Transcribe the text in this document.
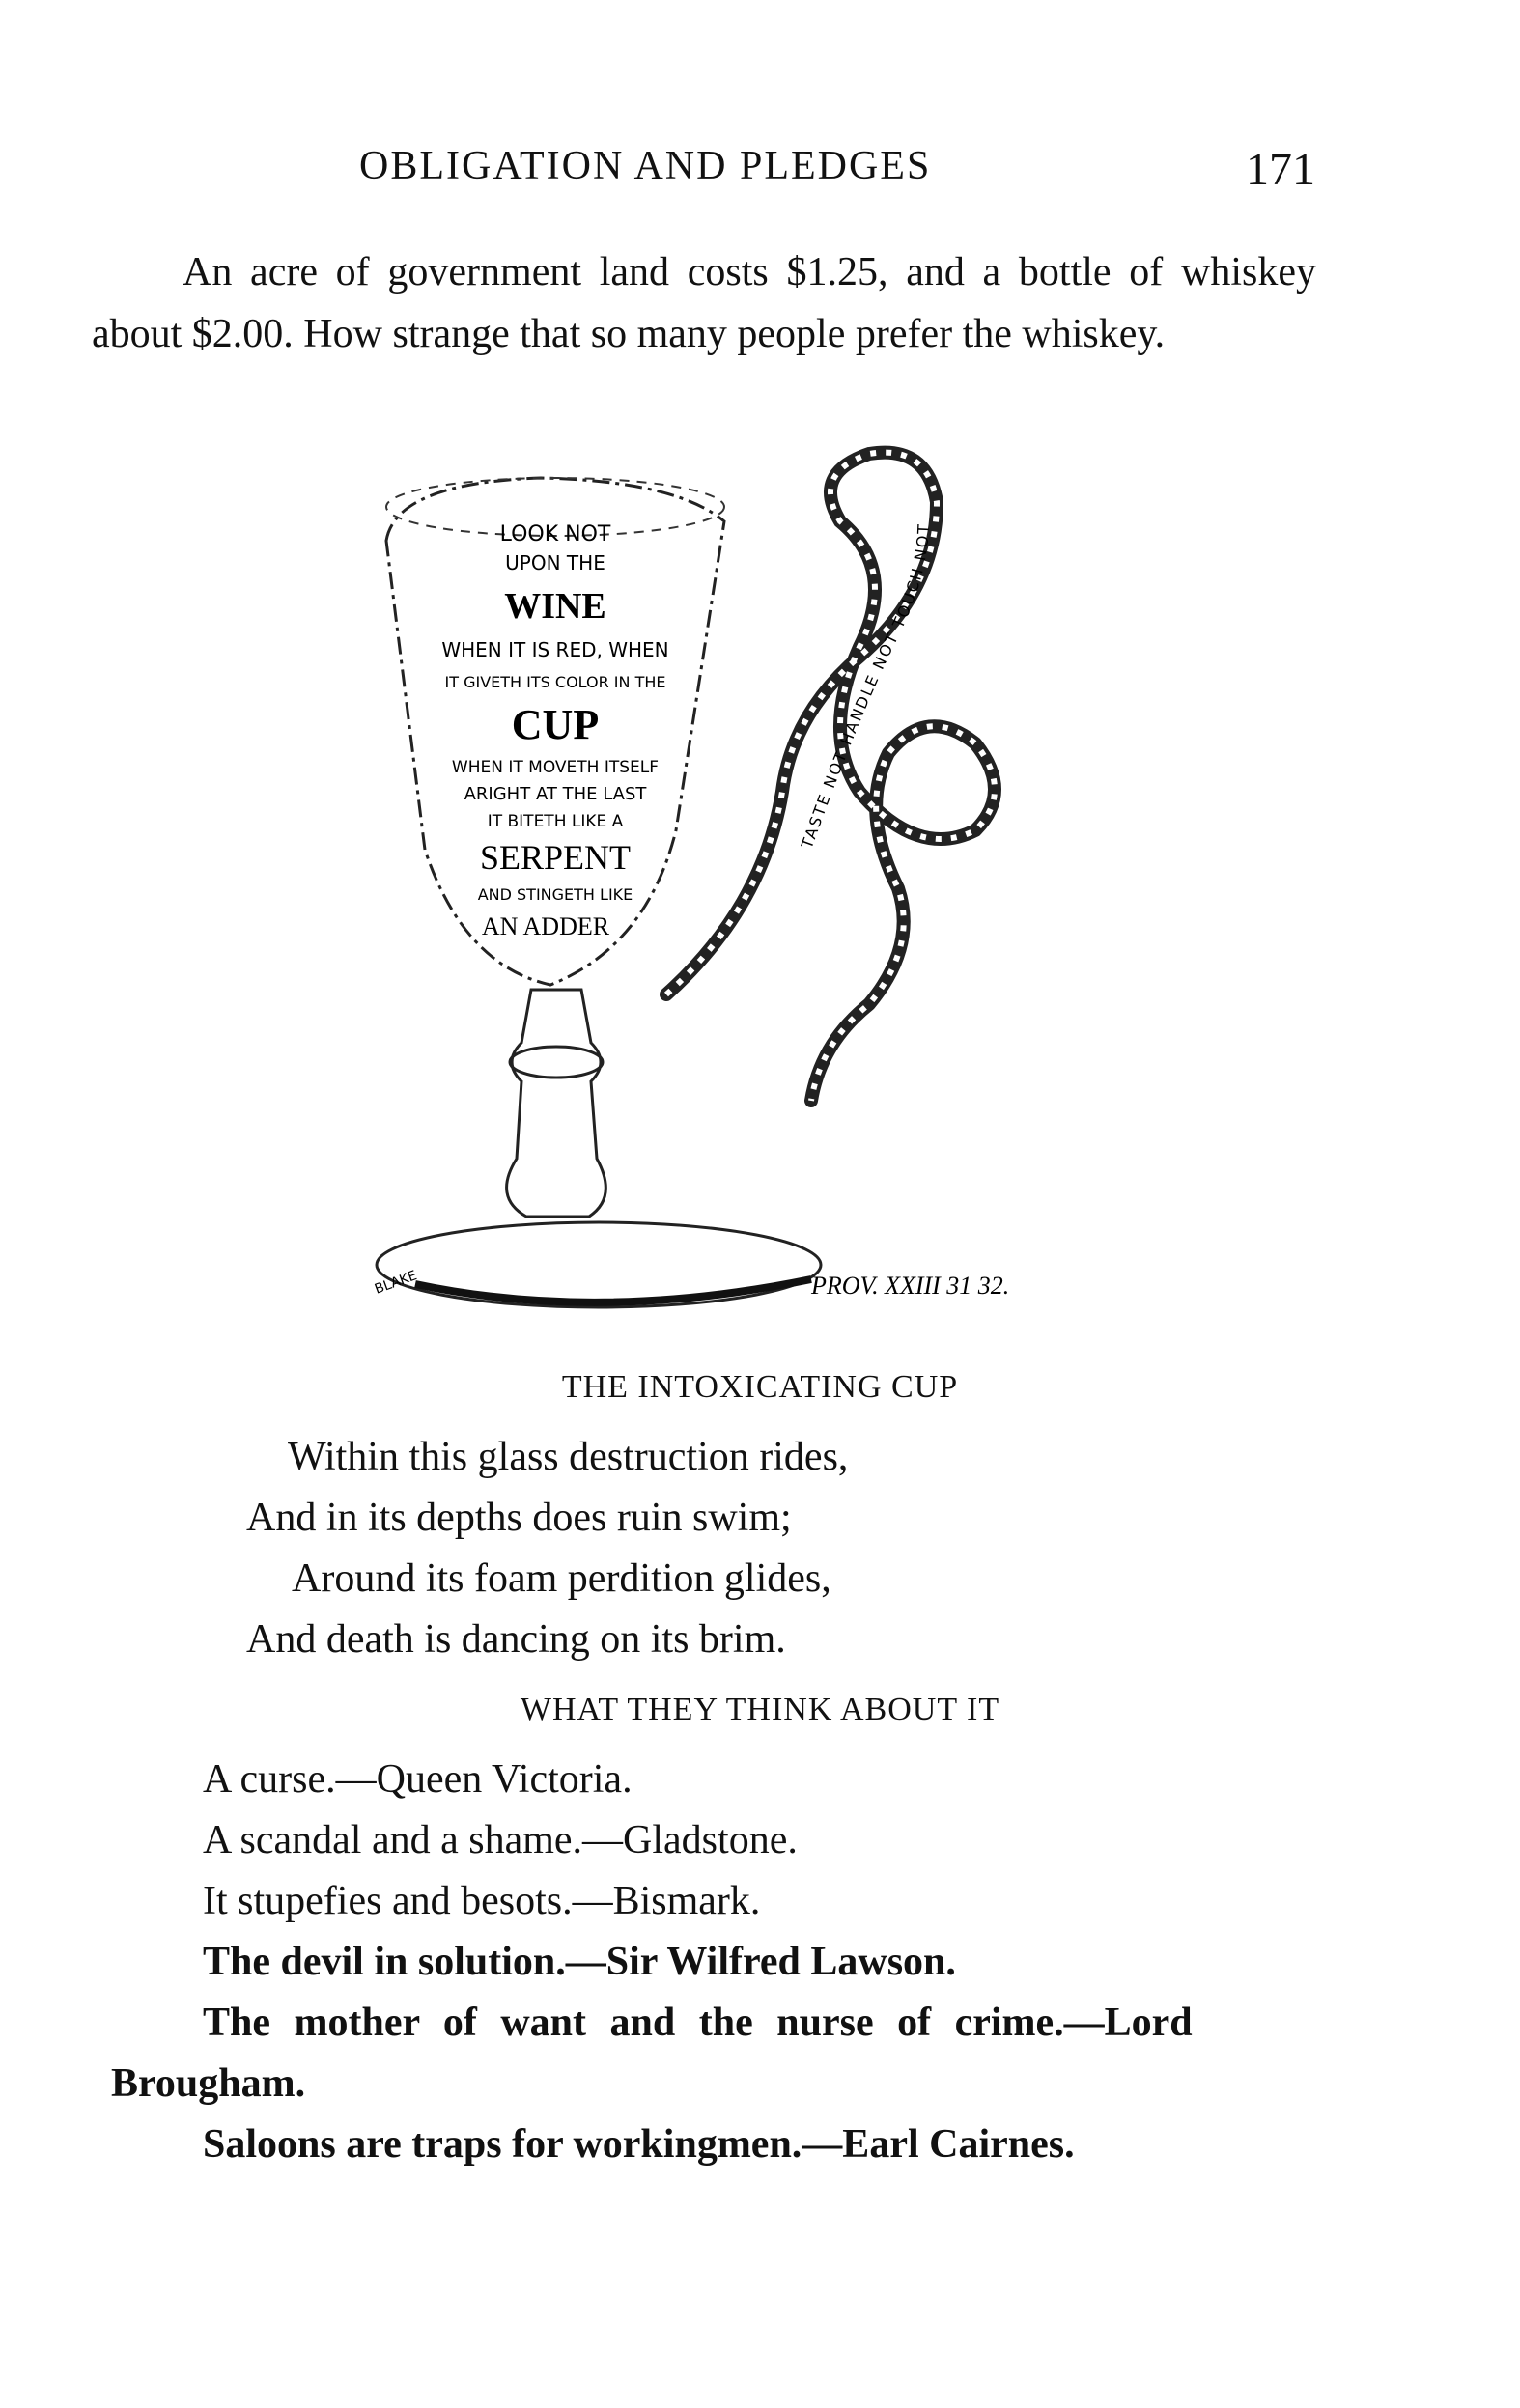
OBLIGATION AND PLEDGES	171

An acre of government land costs $1.25, and a bottle of whiskey about $2.00. How strange that so many people prefer the whiskey.

LOOK NOT
UPON THE
WINE
WHEN IT IS RED, WHEN
IT GIVETH ITS COLOR IN THE
CUP
WHEN IT MOVETH ITSELF
ARIGHT AT THE LAST
IT BITETH LIKE A
SERPENT
AND STINGETH LIKE
AN ADDER
TASTE NOT HANDLE NOT TOUCH NOT
BLAKE	PROV. XXIII 31 32.
THE INTOXICATING CUP
Within this glass destruction rides,
And in its depths does ruin swim;
Around its foam perdition glides,
And death is dancing on its brim.
WHAT THEY THINK ABOUT IT
A curse.—Queen Victoria.
A scandal and a shame.—Gladstone.
It stupefies and besots.—Bismark.
The devil in solution.—Sir Wilfred Lawson.
The mother of want and the nurse of crime.—Lord
Brougham.
Saloons are traps for workingmen.—Earl Cairnes.
